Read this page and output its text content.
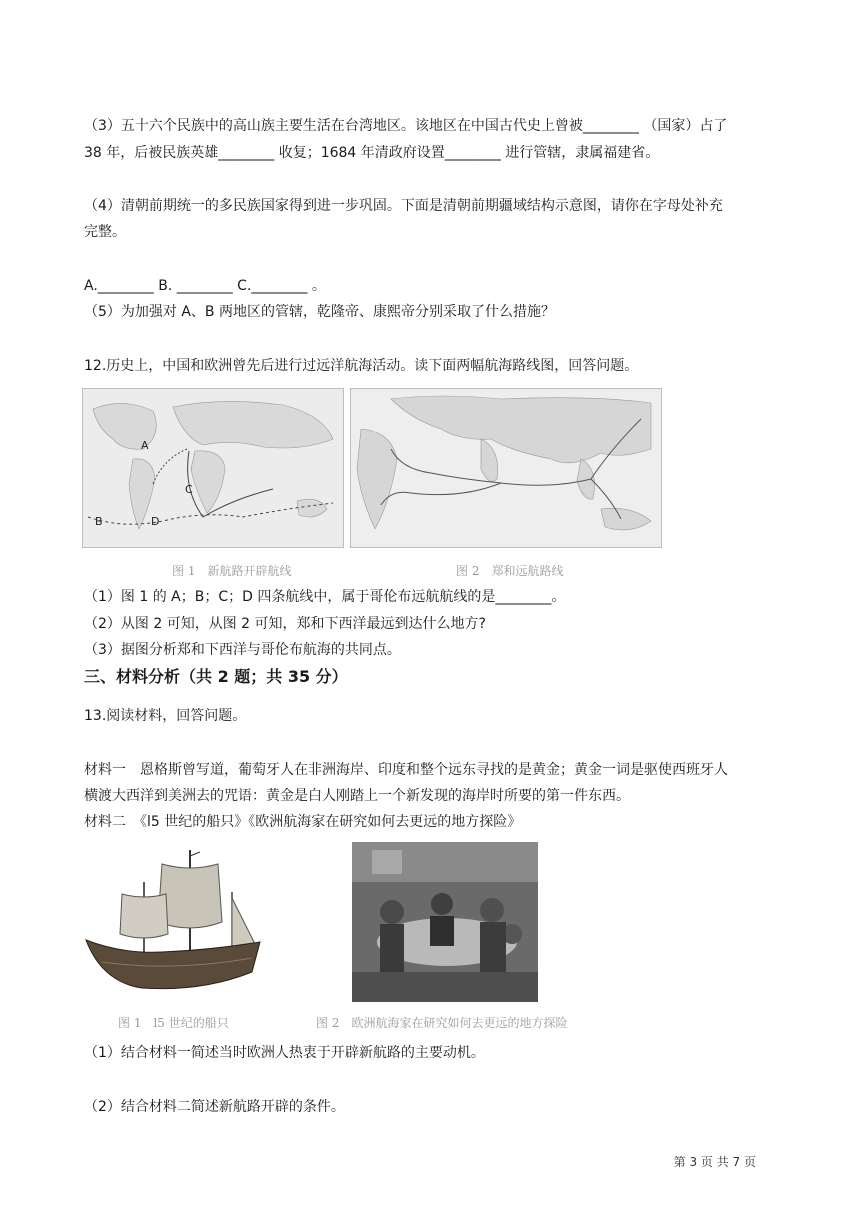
（3）五十六个民族中的高山族主要生活在台湾地区。该地区在中国古代史上曾被________ （国家）占了
38 年，后被民族英雄________ 收复；1684 年清政府设置________ 进行管辖，隶属福建省。
（4）清朝前期统一的多民族国家得到进一步巩固。下面是清朝前期疆域结构示意图，请你在字母处补充
完整。
A.________ B. ________ C.________ 。
（5）为加强对 A、B 两地区的管辖，乾隆帝、康熙帝分别采取了什么措施？
12.历史上，中国和欧洲曾先后进行过远洋航海活动。读下面两幅航海路线图，回答问题。
A
B
C
D
图 1　新航路开辟航线	图 2　郑和远航路线
（1）图 1 的 A；B；C；D 四条航线中，属于哥伦布远航航线的是________。
（2）从图 2 可知，从图 2 可知，郑和下西洋最远到达什么地方?
（3）据图分析郑和下西洋与哥伦布航海的共同点。
三、材料分析（共 2 题；共 35 分）
13.阅读材料，回答问题。
材料一　恩格斯曾写道，葡萄牙人在非洲海岸、印度和整个远东寻找的是黄金；黄金一词是驱使西班牙人
横渡大西洋到美洲去的咒语：黄金是白人刚踏上一个新发现的海岸时所要的第一件东西。
材料二　《l5 世纪的船只》《欧洲航海家在研究如何去更远的地方探险》
图 1　l5 世纪的船只	图 2　欧洲航海家在研究如何去更远的地方探险
（1）结合材料一简述当时欧洲人热衷于开辟新航路的主要动机。
（2）结合材料二简述新航路开辟的条件。
第 3 页 共 7 页
